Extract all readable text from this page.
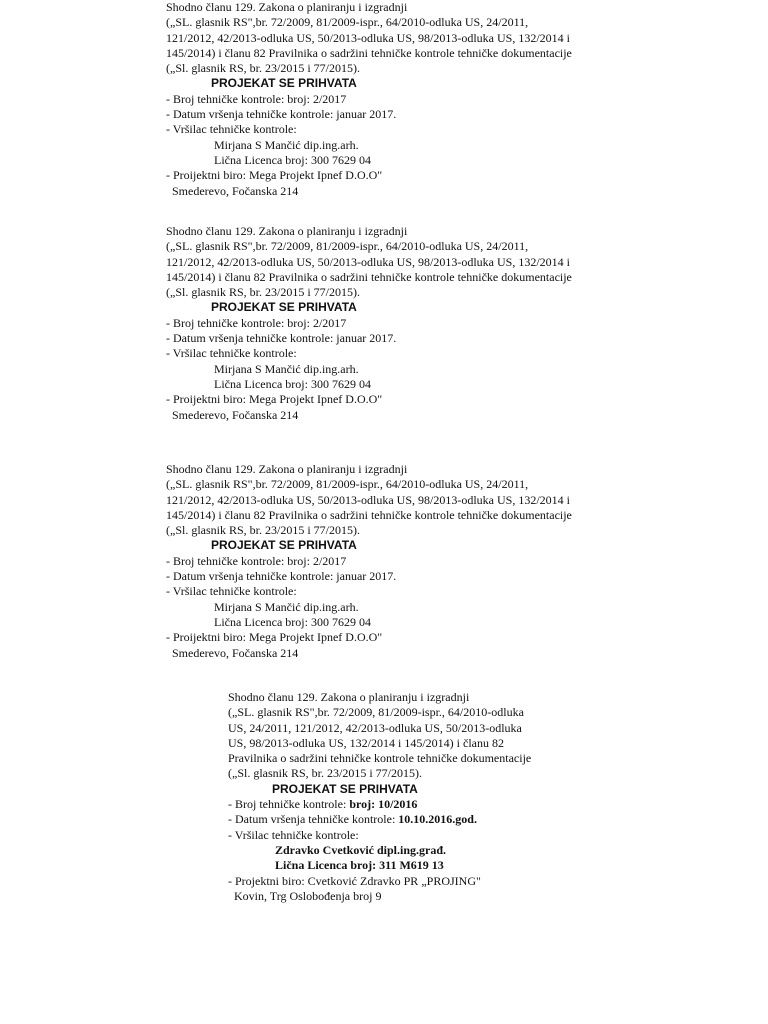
Shodno članu 129. Zakona o planiranju i izgradnji
(„SL. glasnik RS",br. 72/2009, 81/2009-ispr., 64/2010-odluka US, 24/2011,
121/2012, 42/2013-odluka US, 50/2013-odluka US, 98/2013-odluka US, 132/2014 i
145/2014) i članu 82 Pravilnika o sadržini tehničke kontrole tehničke dokumentacije
(„Sl. glasnik RS, br. 23/2015 i 77/2015).
PROJEKAT SE PRIHVATA
- Broj tehničke kontrole: broj: 2/2017
- Datum vršenja tehničke kontrole: januar 2017.
- Vršilac tehničke kontrole:
Mirjana S Mančić dip.ing.arh.
Lična Licenca broj: 300 7629 04
- Proijektni biro: Mega Projekt Ipnef D.O.O"
Smederevo, Fočanska 214
Shodno članu 129. Zakona o planiranju i izgradnji
(„SL. glasnik RS",br. 72/2009, 81/2009-ispr., 64/2010-odluka US, 24/2011,
121/2012, 42/2013-odluka US, 50/2013-odluka US, 98/2013-odluka US, 132/2014 i
145/2014) i članu 82 Pravilnika o sadržini tehničke kontrole tehničke dokumentacije
(„Sl. glasnik RS, br. 23/2015 i 77/2015).
PROJEKAT SE PRIHVATA
- Broj tehničke kontrole: broj: 2/2017
- Datum vršenja tehničke kontrole: januar 2017.
- Vršilac tehničke kontrole:
Mirjana S Mančić dip.ing.arh.
Lična Licenca broj: 300 7629 04
- Proijektni biro: Mega Projekt Ipnef D.O.O"
Smederevo, Fočanska 214
Shodno članu 129. Zakona o planiranju i izgradnji
(„SL. glasnik RS",br. 72/2009, 81/2009-ispr., 64/2010-odluka US, 24/2011,
121/2012, 42/2013-odluka US, 50/2013-odluka US, 98/2013-odluka US, 132/2014 i
145/2014) i članu 82 Pravilnika o sadržini tehničke kontrole tehničke dokumentacije
(„Sl. glasnik RS, br. 23/2015 i 77/2015).
PROJEKAT SE PRIHVATA
- Broj tehničke kontrole: broj: 2/2017
- Datum vršenja tehničke kontrole: januar 2017.
- Vršilac tehničke kontrole:
Mirjana S Mančić dip.ing.arh.
Lična Licenca broj: 300 7629 04
- Proijektni biro: Mega Projekt Ipnef D.O.O"
Smederevo, Fočanska 214
Shodno članu 129. Zakona o planiranju i izgradnji
(„SL. glasnik RS",br. 72/2009, 81/2009-ispr., 64/2010-odluka
US, 24/2011, 121/2012, 42/2013-odluka US, 50/2013-odluka
US, 98/2013-odluka US, 132/2014 i 145/2014) i članu 82
Pravilnika o sadržini tehničke kontrole tehničke dokumentacije
(„Sl. glasnik RS, br. 23/2015 i 77/2015).
PROJEKAT SE PRIHVATA
- Broj tehničke kontrole: broj: 10/2016
- Datum vršenja tehničke kontrole: 10.10.2016.god.
- Vršilac tehničke kontrole:
Zdravko Cvetković dipl.ing.građ.
Lična Licenca broj: 311 M619 13
- Projektni biro: Cvetković Zdravko PR „PROJING"
Kovin, Trg Oslobođenja broj 9
